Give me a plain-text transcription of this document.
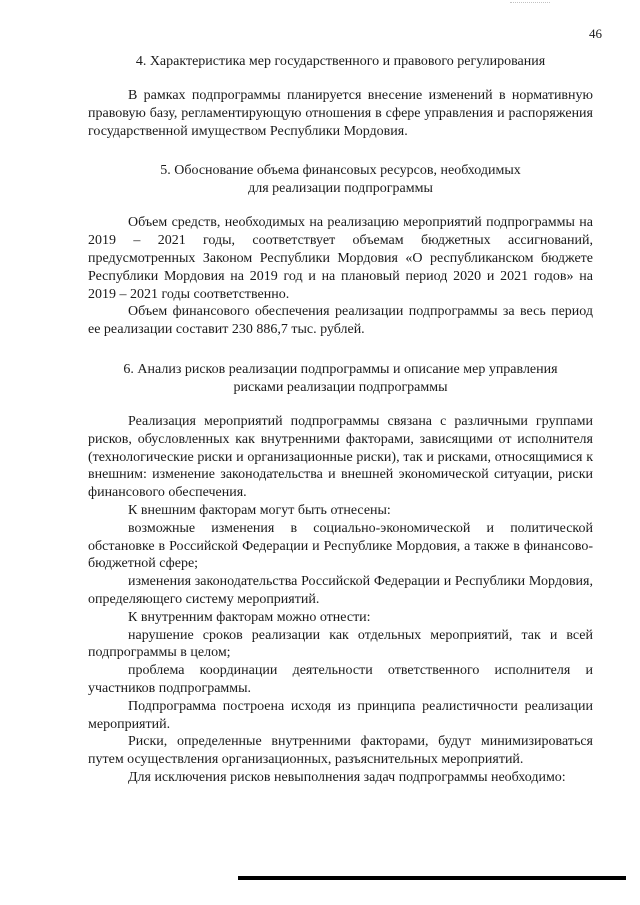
46

4. Характеристика мер государственного и правового регулирования

В рамках подпрограммы планируется внесение изменений в нормативную правовую базу, регламентирующую отношения в сфере управления и распоряжения государственной имуществом Республики Мордовия.

5. Обоснование объема финансовых ресурсов, необходимых

для реализации подпрограммы

Объем средств, необходимых на реализацию мероприятий подпрограммы на 2019 – 2021 годы, соответствует объемам бюджетных ассигнований, предусмотренных Законом Республики Мордовия «О республиканском бюджете Республики Мордовия на 2019 год и на плановый период 2020 и 2021 годов» на 2019 – 2021 годы соответственно.

Объем финансового обеспечения реализации подпрограммы за весь период ее реализации составит 230 886,7 тыс. рублей.

6. Анализ рисков реализации подпрограммы и описание мер управления

рисками реализации подпрограммы

Реализация мероприятий подпрограммы связана с различными группами рисков, обусловленных как внутренними факторами, зависящими от исполнителя (технологические риски и организационные риски), так и рисками, относящимися к внешним: изменение законодательства и внешней экономической ситуации, риски финансового обеспечения.

К внешним факторам могут быть отнесены:

возможные изменения в социально-экономической и политической обстановке в Российской Федерации и Республике Мордовия, а также в финансово-бюджетной сфере;

изменения законодательства Российской Федерации и Республики Мордовия, определяющего систему мероприятий.

К внутренним факторам можно отнести:

нарушение сроков реализации как отдельных мероприятий, так и всей подпрограммы в целом;

проблема координации деятельности ответственного исполнителя и участников подпрограммы.

Подпрограмма построена исходя из принципа реалистичности реализации мероприятий.

Риски, определенные внутренними факторами, будут минимизироваться путем осуществления организационных, разъяснительных мероприятий.

Для исключения рисков невыполнения задач подпрограммы необходимо:
